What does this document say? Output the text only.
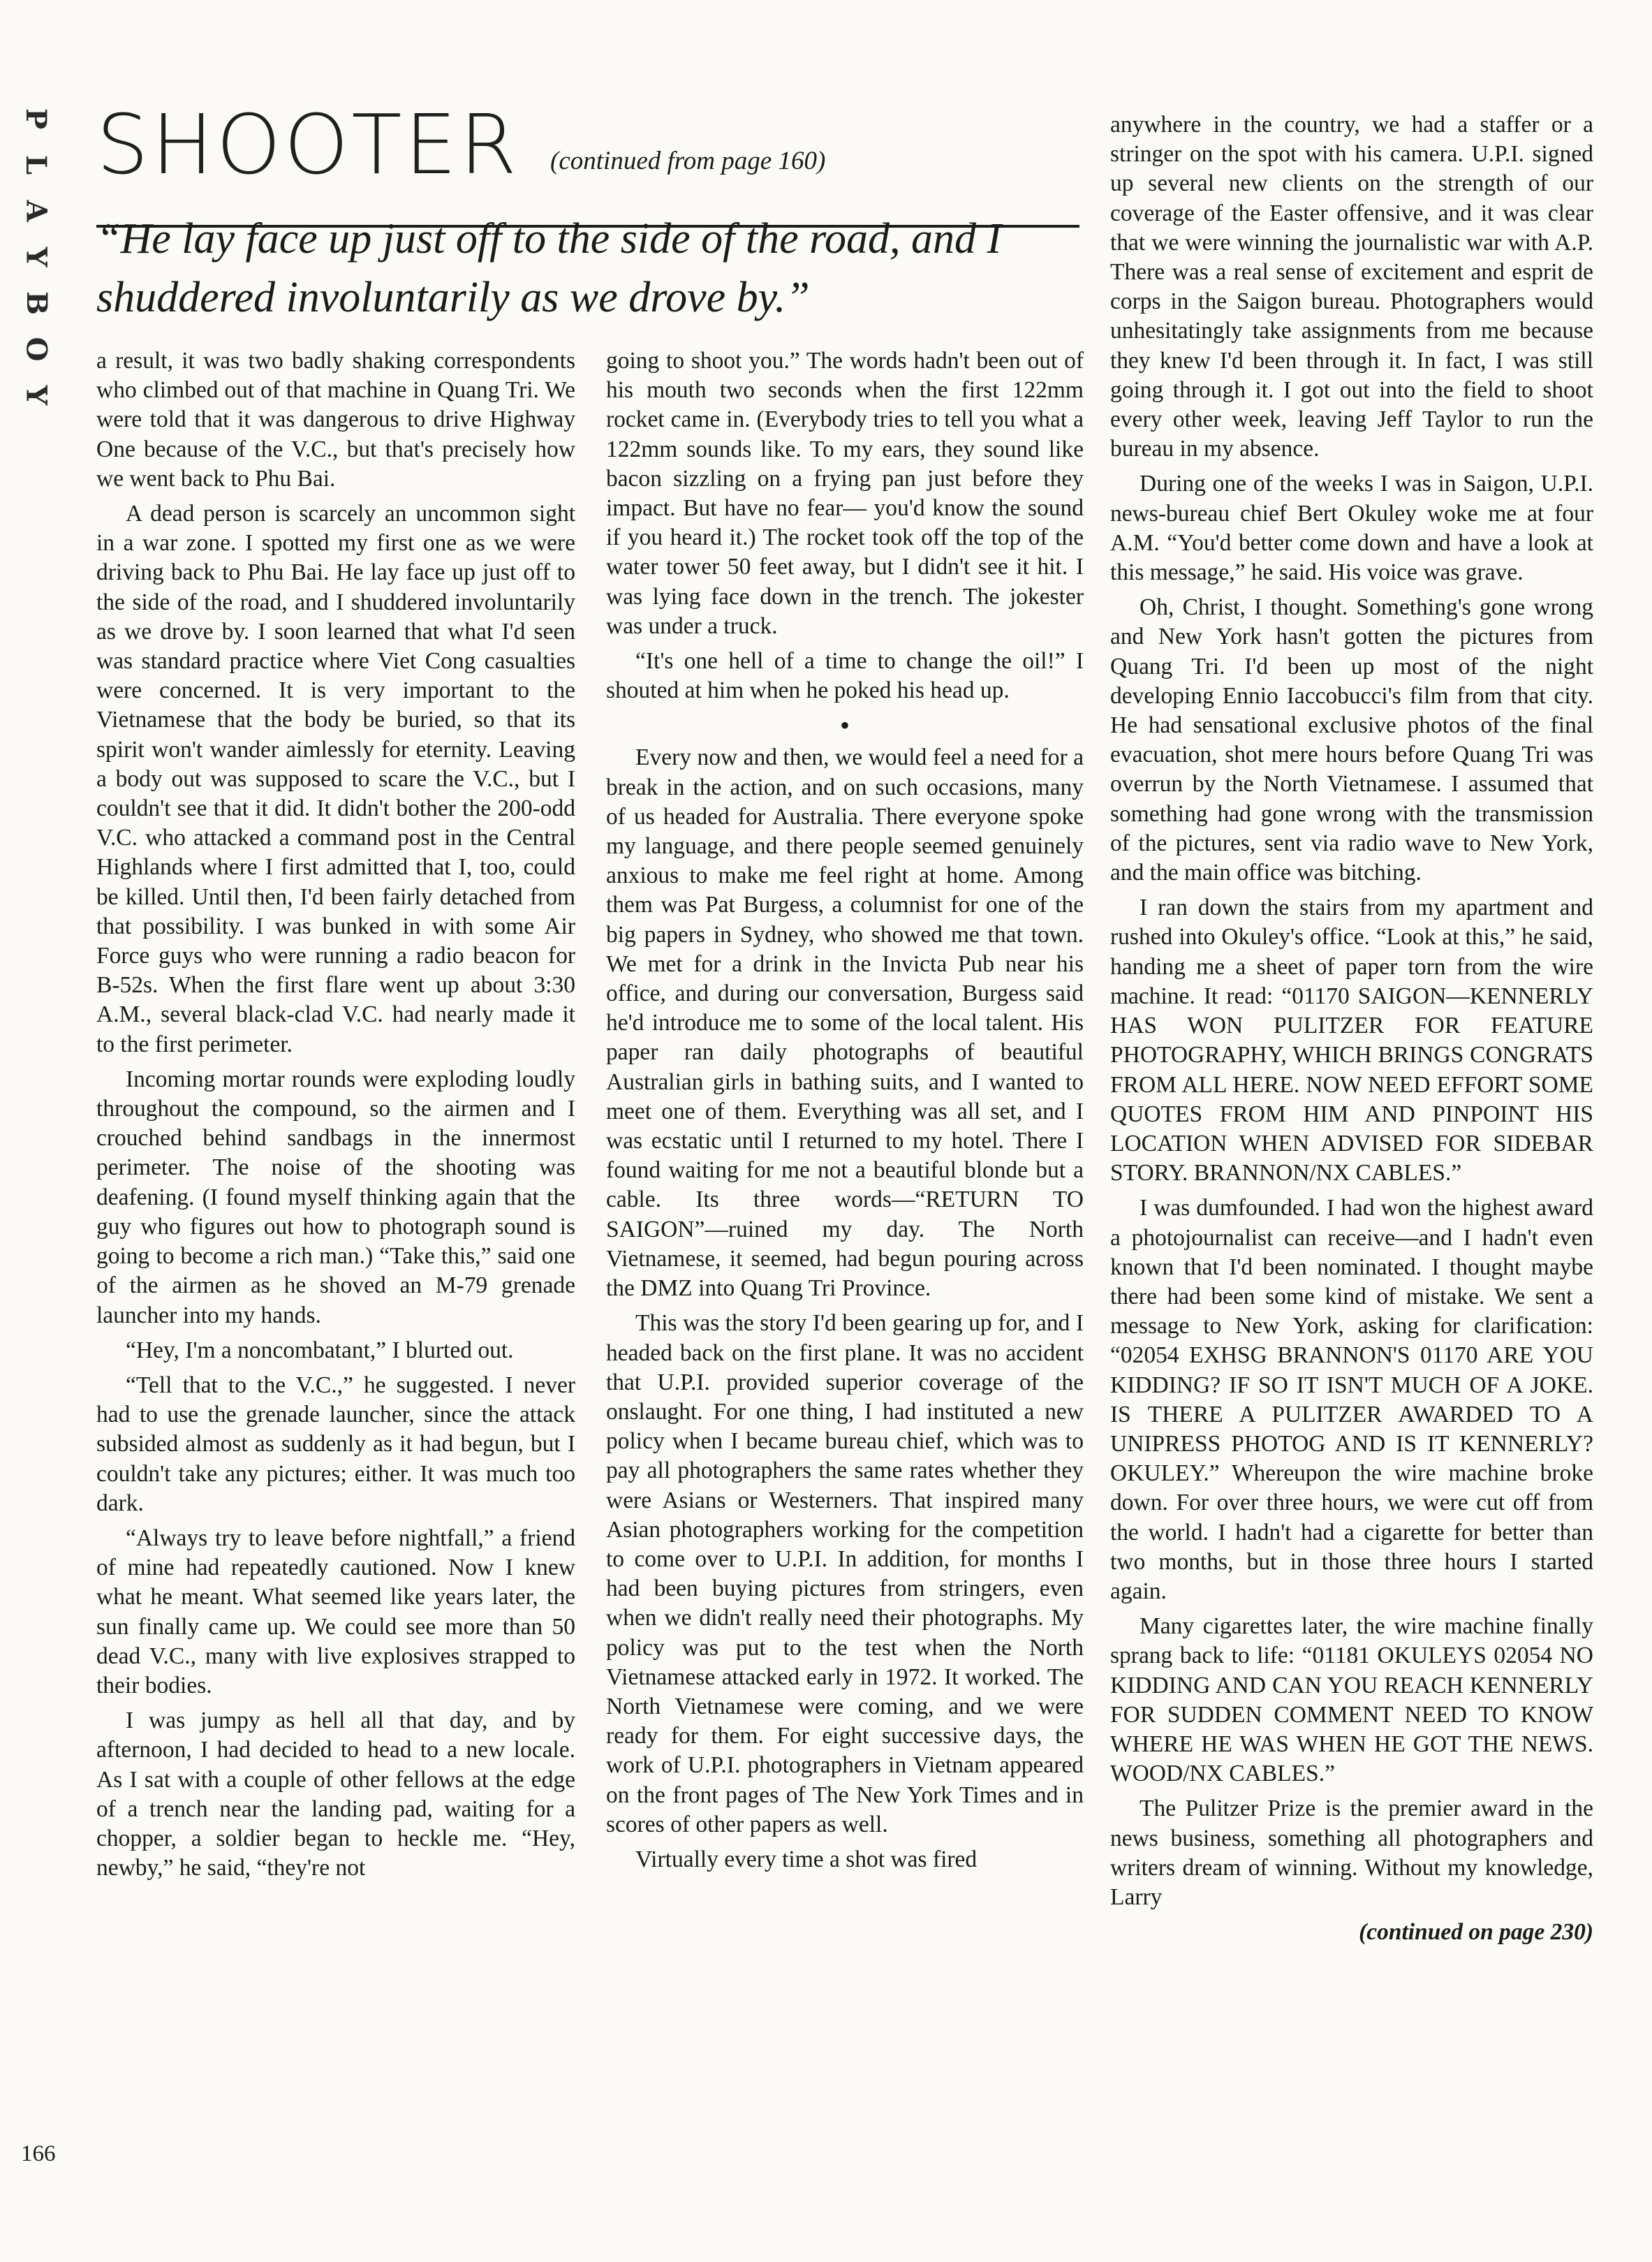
P
L
A
Y
B
O
Y
SHOOTER (continued from page 160)

“He lay face up just off to the side of the road, and I shuddered involuntarily as we drove by.”

a result, it was two badly shaking correspondents who climbed out of that machine in Quang Tri. We were told that it was dangerous to drive Highway One because of the V.C., but that's precisely how we went back to Phu Bai.

A dead person is scarcely an uncommon sight in a war zone. I spotted my first one as we were driving back to Phu Bai. He lay face up just off to the side of the road, and I shuddered involuntarily as we drove by. I soon learned that what I'd seen was standard practice where Viet Cong casualties were concerned. It is very important to the Vietnamese that the body be buried, so that its spirit won't wander aimlessly for eternity. Leaving a body out was supposed to scare the V.C., but I couldn't see that it did. It didn't bother the 200-odd V.C. who attacked a command post in the Central Highlands where I first admitted that I, too, could be killed. Until then, I'd been fairly detached from that possibility. I was bunked in with some Air Force guys who were running a radio beacon for B-52s. When the first flare went up about 3:30 A.M., several black-clad V.C. had nearly made it to the first perimeter.

Incoming mortar rounds were exploding loudly throughout the compound, so the airmen and I crouched behind sandbags in the innermost perimeter. The noise of the shooting was deafening. (I found myself thinking again that the guy who figures out how to photograph sound is going to become a rich man.) “Take this,” said one of the airmen as he shoved an M-79 grenade launcher into my hands.

“Hey, I'm a noncombatant,” I blurted out.

“Tell that to the V.C.,” he suggested. I never had to use the grenade launcher, since the attack subsided almost as suddenly as it had begun, but I couldn't take any pictures; either. It was much too dark.

“Always try to leave before nightfall,” a friend of mine had repeatedly cautioned. Now I knew what he meant. What seemed like years later, the sun finally came up. We could see more than 50 dead V.C., many with live explosives strapped to their bodies.

I was jumpy as hell all that day, and by afternoon, I had decided to head to a new locale. As I sat with a couple of other fellows at the edge of a trench near the landing pad, waiting for a chopper, a soldier began to heckle me. “Hey, newby,” he said, “they're not

going to shoot you.” The words hadn't been out of his mouth two seconds when the first 122mm rocket came in. (Everybody tries to tell you what a 122mm sounds like. To my ears, they sound like bacon sizzling on a frying pan just before they impact. But have no fear— you'd know the sound if you heard it.) The rocket took off the top of the water tower 50 feet away, but I didn't see it hit. I was lying face down in the trench. The jokester was under a truck.

“It's one hell of a time to change the oil!” I shouted at him when he poked his head up.

•

Every now and then, we would feel a need for a break in the action, and on such occasions, many of us headed for Australia. There everyone spoke my language, and there people seemed genuinely anxious to make me feel right at home. Among them was Pat Burgess, a columnist for one of the big papers in Sydney, who showed me that town. We met for a drink in the Invicta Pub near his office, and during our conversation, Burgess said he'd introduce me to some of the local talent. His paper ran daily photographs of beautiful Australian girls in bathing suits, and I wanted to meet one of them. Everything was all set, and I was ecstatic until I returned to my hotel. There I found waiting for me not a beautiful blonde but a cable. Its three words—“RETURN TO SAIGON”—ruined my day. The North Vietnamese, it seemed, had begun pouring across the DMZ into Quang Tri Province.

This was the story I'd been gearing up for, and I headed back on the first plane. It was no accident that U.P.I. provided superior coverage of the onslaught. For one thing, I had instituted a new policy when I became bureau chief, which was to pay all photographers the same rates whether they were Asians or Westerners. That inspired many Asian photographers working for the competition to come over to U.P.I. In addition, for months I had been buying pictures from stringers, even when we didn't really need their photographs. My policy was put to the test when the North Vietnamese attacked early in 1972. It worked. The North Vietnamese were coming, and we were ready for them. For eight successive days, the work of U.P.I. photographers in Vietnam appeared on the front pages of The New York Times and in scores of other papers as well.

Virtually every time a shot was fired

anywhere in the country, we had a staffer or a stringer on the spot with his camera. U.P.I. signed up several new clients on the strength of our coverage of the Easter offensive, and it was clear that we were winning the journalistic war with A.P. There was a real sense of excitement and esprit de corps in the Saigon bureau. Photographers would unhesitatingly take assignments from me because they knew I'd been through it. In fact, I was still going through it. I got out into the field to shoot every other week, leaving Jeff Taylor to run the bureau in my absence.

During one of the weeks I was in Saigon, U.P.I. news-bureau chief Bert Okuley woke me at four A.M. “You'd better come down and have a look at this message,” he said. His voice was grave.

Oh, Christ, I thought. Something's gone wrong and New York hasn't gotten the pictures from Quang Tri. I'd been up most of the night developing Ennio Iaccobucci's film from that city. He had sensational exclusive photos of the final evacuation, shot mere hours before Quang Tri was overrun by the North Vietnamese. I assumed that something had gone wrong with the transmission of the pictures, sent via radio wave to New York, and the main office was bitching.

I ran down the stairs from my apartment and rushed into Okuley's office. “Look at this,” he said, handing me a sheet of paper torn from the wire machine. It read: “01170 SAIGON—KENNERLY HAS WON PULITZER FOR FEATURE PHOTOGRAPHY, WHICH BRINGS CONGRATS FROM ALL HERE. NOW NEED EFFORT SOME QUOTES FROM HIM AND PINPOINT HIS LOCATION WHEN ADVISED FOR SIDEBAR STORY. BRANNON/NX CABLES.”

I was dumfounded. I had won the highest award a photojournalist can receive—and I hadn't even known that I'd been nominated. I thought maybe there had been some kind of mistake. We sent a message to New York, asking for clarification: “02054 EXHSG BRANNON'S 01170 ARE YOU KIDDING? IF SO IT ISN'T MUCH OF A JOKE. IS THERE A PULITZER AWARDED TO A UNIPRESS PHOTOG AND IS IT KENNERLY? OKULEY.” Whereupon the wire machine broke down. For over three hours, we were cut off from the world. I hadn't had a cigarette for better than two months, but in those three hours I started again.

Many cigarettes later, the wire machine finally sprang back to life: “01181 OKULEYS 02054 NO KIDDING AND CAN YOU REACH KENNERLY FOR SUDDEN COMMENT NEED TO KNOW WHERE HE WAS WHEN HE GOT THE NEWS. WOOD/NX CABLES.”

The Pulitzer Prize is the premier award in the news business, something all photographers and writers dream of winning. Without my knowledge, Larry

(continued on page 230)
166
